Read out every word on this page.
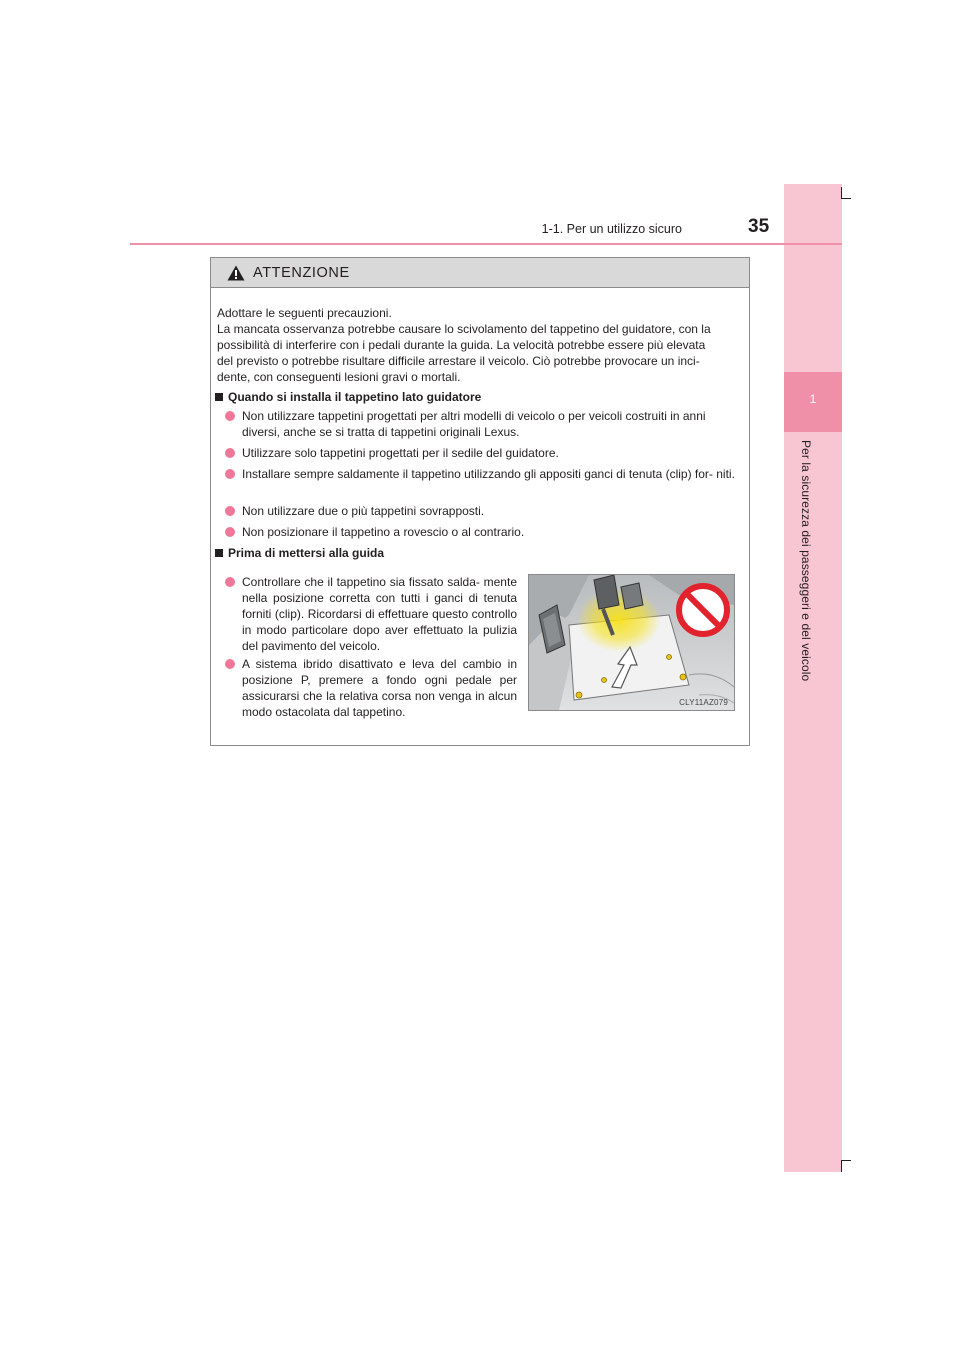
1
Per la sicurezza dei passeggeri e del veicolo
1-1. Per un utilizzo sicuro	35
ATTENZIONE
Adottare le seguenti precauzioni.
La mancata osservanza potrebbe causare lo scivolamento del tappetino del guidatore, con la
possibilità di interferire con i pedali durante la guida. La velocità potrebbe essere più elevata
del previsto o potrebbe risultare difficile arrestare il veicolo. Ciò potrebbe provocare un inci-
dente, con conseguenti lesioni gravi o mortali.
Quando si installa il tappetino lato guidatore
Non utilizzare tappetini progettati per altri modelli di veicolo o per veicoli costruiti in anni diversi, anche se si tratta di tappetini originali Lexus.
Utilizzare solo tappetini progettati per il sedile del guidatore.
Installare sempre saldamente il tappetino utilizzando gli appositi ganci di tenuta (clip) for- niti.
Non utilizzare due o più tappetini sovrapposti.
Non posizionare il tappetino a rovescio o al contrario.
Prima di mettersi alla guida
Controllare che il tappetino sia fissato salda- mente nella posizione corretta con tutti i ganci di tenuta forniti (clip). Ricordarsi di effettuare questo controllo in modo particolare dopo aver effettuato la pulizia del pavimento del veicolo.
A sistema ibrido disattivato e leva del cambio in posizione P, premere a fondo ogni pedale per assicurarsi che la relativa corsa non venga in alcun modo ostacolata dal tappetino.
CLY11AZ079
